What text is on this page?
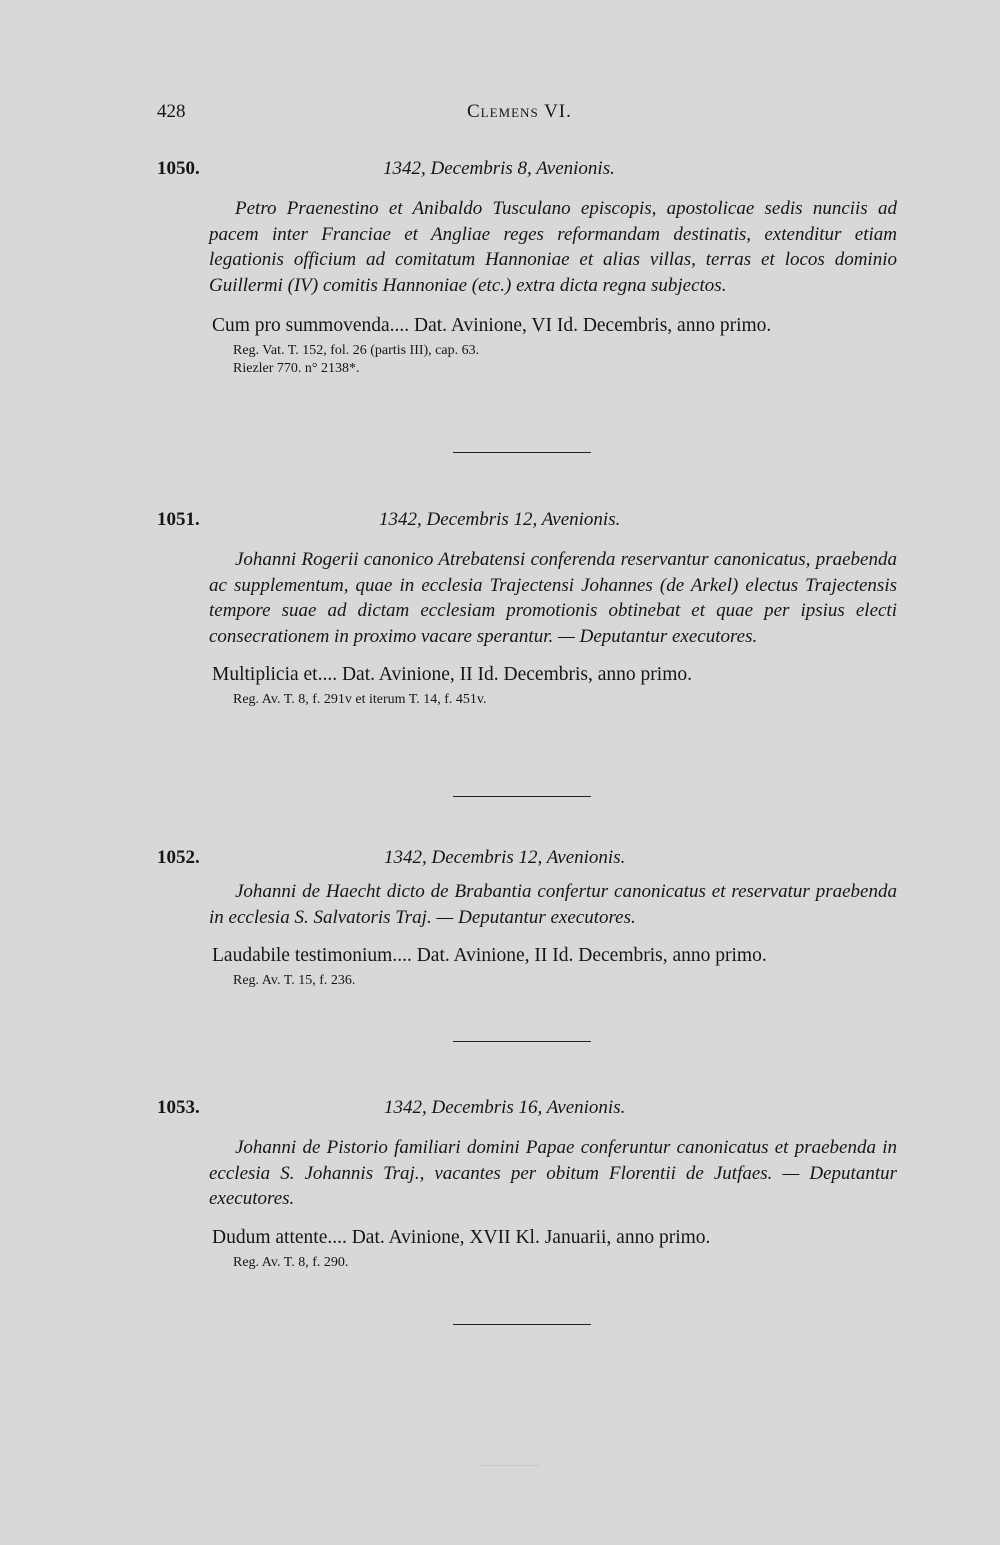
428	Clemens VI.
1050.	1342, Decembris 8, Avenionis.
Petro Praenestino et Anibaldo Tusculano episcopis, apostolicae sedis nunciis ad pacem inter Franciae et Angliae reges reformandam destinatis, extenditur etiam legationis officium ad comitatum Hannoniae et alias villas, terras et locos dominio Guillermi (IV) comitis Hannoniae (etc.) extra dicta regna subjectos.
Cum pro summovenda.... Dat. Avinione, VI Id. Decembris, anno primo.
Reg. Vat. T. 152, fol. 26 (partis III), cap. 63.
Riezler 770. n° 2138*.
1051.	1342, Decembris 12, Avenionis.
Johanni Rogerii canonico Atrebatensi conferenda reservantur canonicatus, praebenda ac supplementum, quae in ecclesia Trajectensi Johannes (de Arkel) electus Trajectensis tempore suae ad dictam ecclesiam promotionis obtinebat et quae per ipsius electi consecrationem in proximo vacare sperantur. — Deputantur executores.
Multiplicia et.... Dat. Avinione, II Id. Decembris, anno primo.
Reg. Av. T. 8, f. 291v et iterum T. 14, f. 451v.
1052.	1342, Decembris 12, Avenionis.
Johanni de Haecht dicto de Brabantia confertur canonicatus et reservatur praebenda in ecclesia S. Salvatoris Traj. — Deputantur executores.
Laudabile testimonium.... Dat. Avinione, II Id. Decembris, anno primo.
Reg. Av. T. 15, f. 236.
1053.	1342, Decembris 16, Avenionis.
Johanni de Pistorio familiari domini Papae conferuntur canonicatus et praebenda in ecclesia S. Johannis Traj., vacantes per obitum Florentii de Jutfaes. — Deputantur executores.
Dudum attente.... Dat. Avinione, XVII Kl. Januarii, anno primo.
Reg. Av. T. 8, f. 290.
